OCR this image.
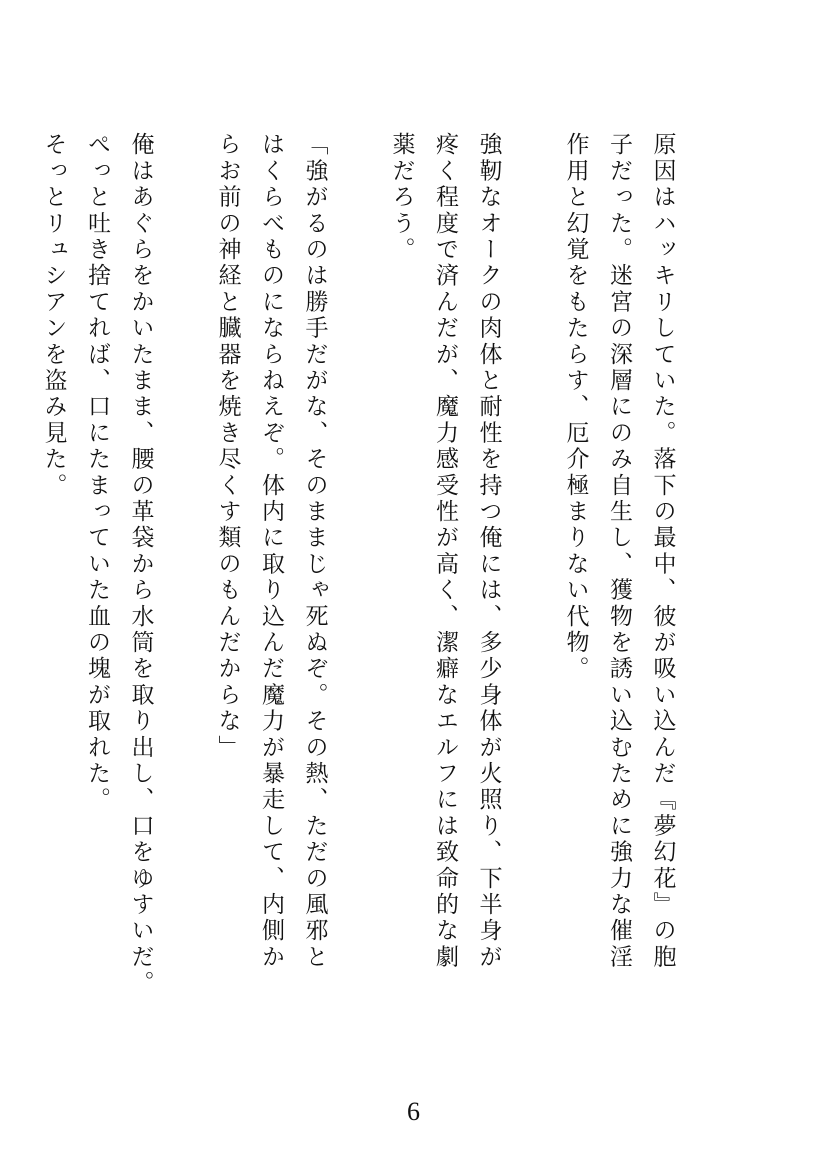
原因はハッキリしていた。落下の最中、彼が吸い込んだ『夢幻花』の胞
子だった。迷宮の深層にのみ自生し、獲物を誘い込むために強力な催淫
作用と幻覚をもたらす、厄介極まりない代物。

強靭なオークの肉体と耐性を持つ俺には、多少身体が火照り、下半身が
疼く程度で済んだが、魔力感受性が高く、潔癖なエルフには致命的な劇
薬だろう。

「強がるのは勝手だがな、そのままじゃ死ぬぞ。その熱、ただの風邪と
はくらべものにならねえぞ。体内に取り込んだ魔力が暴走して、内側か
らお前の神経と臓器を焼き尽くす類のもんだからな」

俺はあぐらをかいたまま、腰の革袋から水筒を取り出し、口をゆすいだ。
ぺっと吐き捨てれば、口にたまっていた血の塊が取れた。
そっとリュシアンを盗み見た。

6
